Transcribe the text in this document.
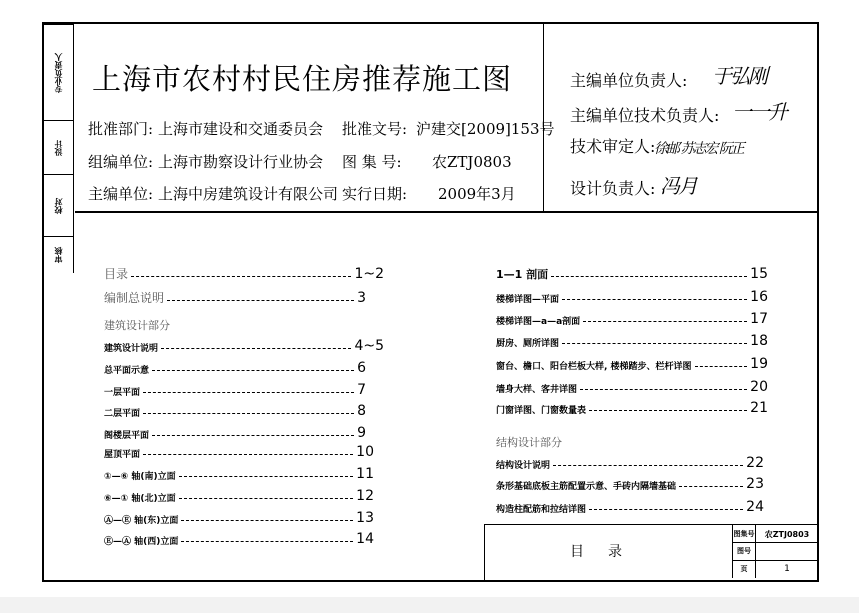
专业负责人
设计
校对
审核
上海市农村村民住房推荐施工图
批准部门: 上海市建设和交通委员会 批准文号: 沪建交[2009]153号
组编单位: 上海市勘察设计行业协会 图 集 号: 农ZTJ0803
主编单位: 上海中房建筑设计有限公司 实行日期: 2009年3月
主编单位负责人: 于弘刚
主编单位技术负责人: 一一升
技术审定人:
徐邮 苏志宏 阮正
设计负责人: 冯月
目录	1~2
编制总说明	3
建筑设计部分
建筑设计说明	4~5
总平面示意	6
一层平面	7
二层平面	8
阁楼层平面	9
屋顶平面	10
①—⑥ 轴(南)立面	11
⑥—① 轴(北)立面	12
Ⓐ—Ⓔ 轴(东)立面	13
Ⓔ—Ⓐ 轴(西)立面	14
1—1 剖面	15
楼梯详图—平面	16
楼梯详图—a—a剖面	17
厨房、厕所详图	18
窗台、檐口、阳台栏板大样, 楼梯踏步、栏杆详图	19
墙身大样、客井详图	20
门窗详图、门窗数量表	21
结构设计部分
结构设计说明	22
条形基础底板主筋配置示意、手砖内隔墙基础	23
构造柱配筋和拉结详图	24
目录
图集号	农ZTJ0803
图号
页	1
